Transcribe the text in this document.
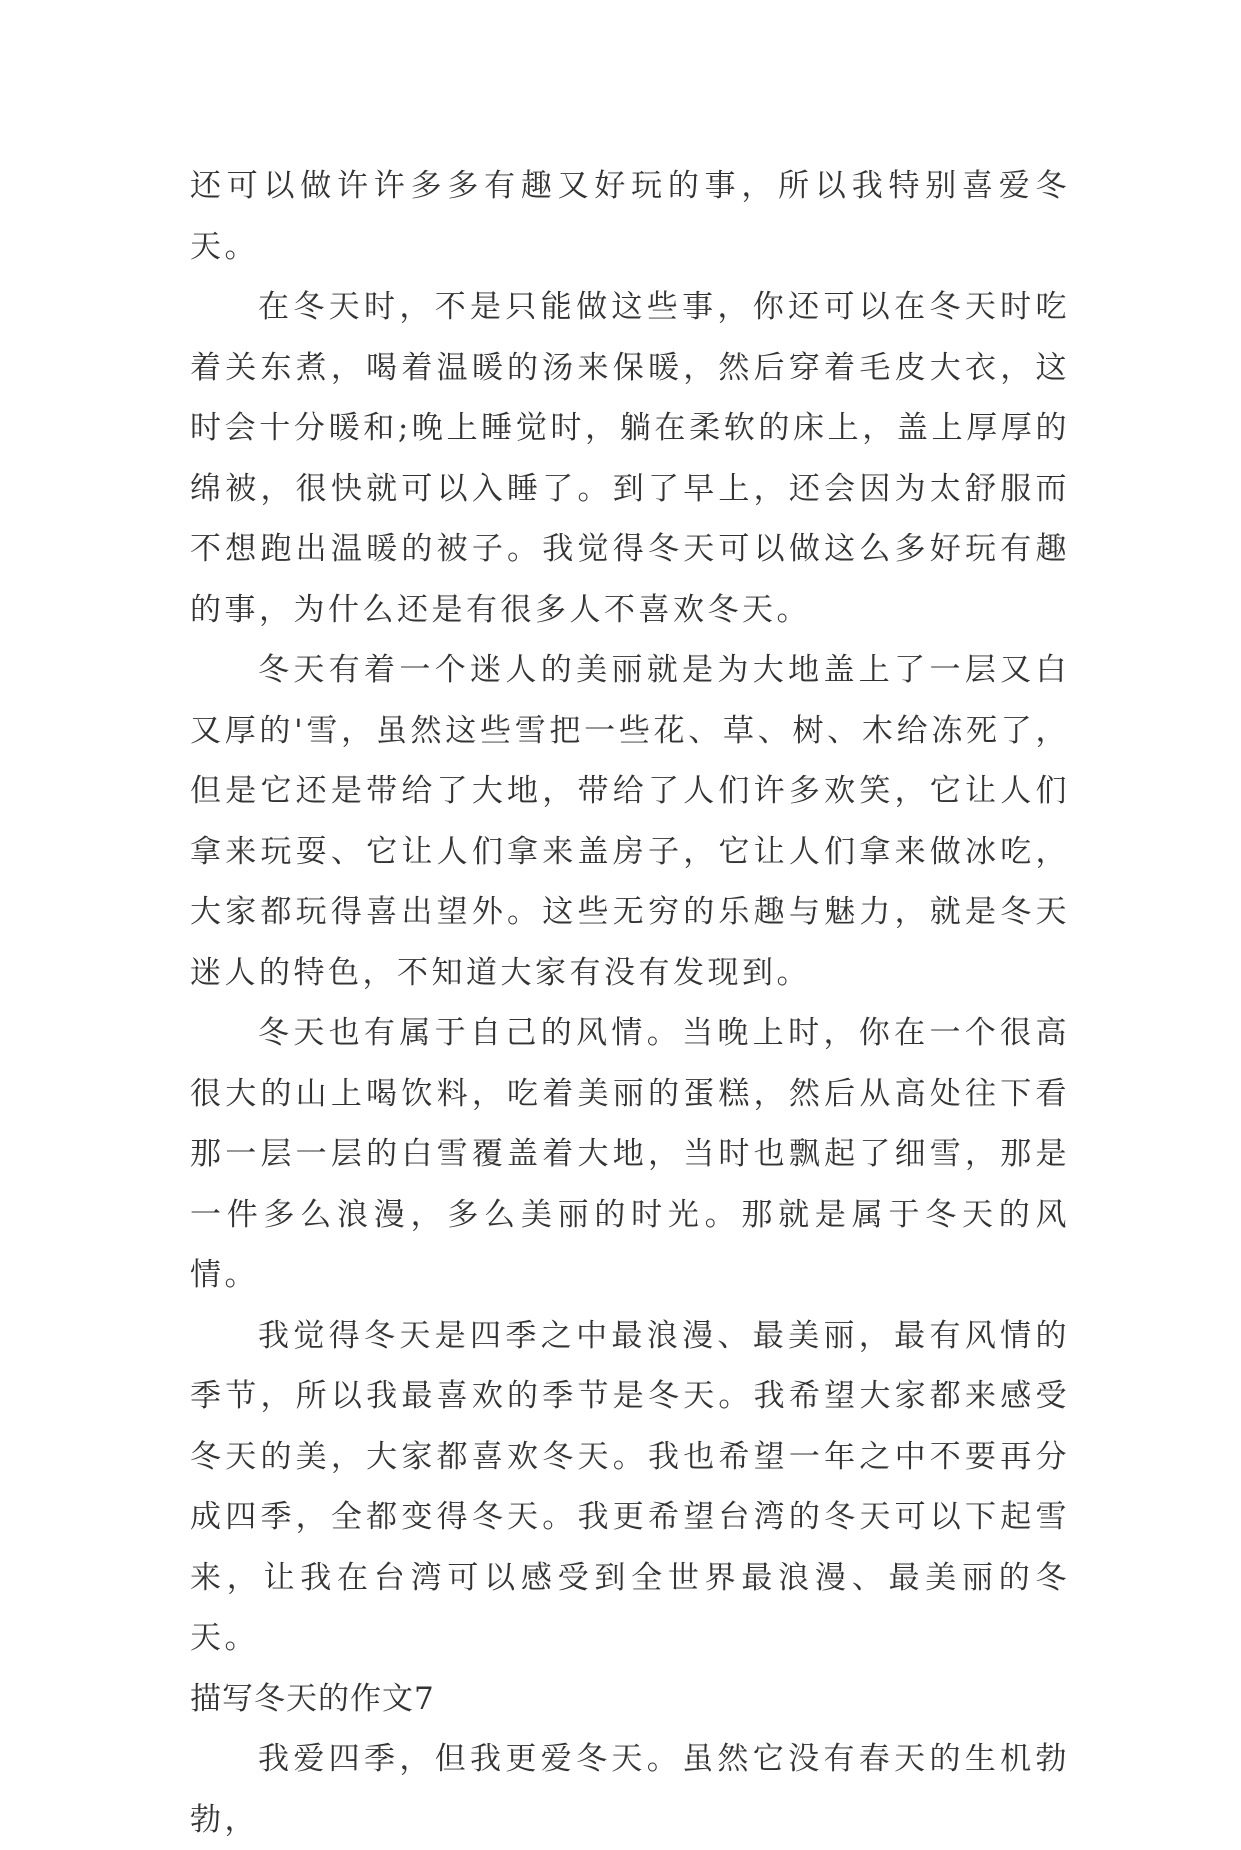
还可以做许许多多有趣又好玩的事，所以我特别喜爱冬天。

在冬天时，不是只能做这些事，你还可以在冬天时吃着关东煮，喝着温暖的汤来保暖，然后穿着毛皮大衣，这时会十分暖和;晚上睡觉时，躺在柔软的床上，盖上厚厚的绵被，很快就可以入睡了。到了早上，还会因为太舒服而不想跑出温暖的被子。我觉得冬天可以做这么多好玩有趣的事，为什么还是有很多人不喜欢冬天。

冬天有着一个迷人的美丽就是为大地盖上了一层又白又厚的'雪，虽然这些雪把一些花、草、树、木给冻死了，但是它还是带给了大地，带给了人们许多欢笑，它让人们拿来玩耍、它让人们拿来盖房子，它让人们拿来做冰吃，大家都玩得喜出望外。这些无穷的乐趣与魅力，就是冬天迷人的特色，不知道大家有没有发现到。

冬天也有属于自己的风情。当晚上时，你在一个很高很大的山上喝饮料，吃着美丽的蛋糕，然后从高处往下看那一层一层的白雪覆盖着大地，当时也飘起了细雪，那是一件多么浪漫，多么美丽的时光。那就是属于冬天的风情。

我觉得冬天是四季之中最浪漫、最美丽，最有风情的季节，所以我最喜欢的季节是冬天。我希望大家都来感受冬天的美，大家都喜欢冬天。我也希望一年之中不要再分成四季，全都变得冬天。我更希望台湾的冬天可以下起雪来，让我在台湾可以感受到全世界最浪漫、最美丽的冬天。

描写冬天的作文7

我爱四季，但我更爱冬天。虽然它没有春天的生机勃勃，
